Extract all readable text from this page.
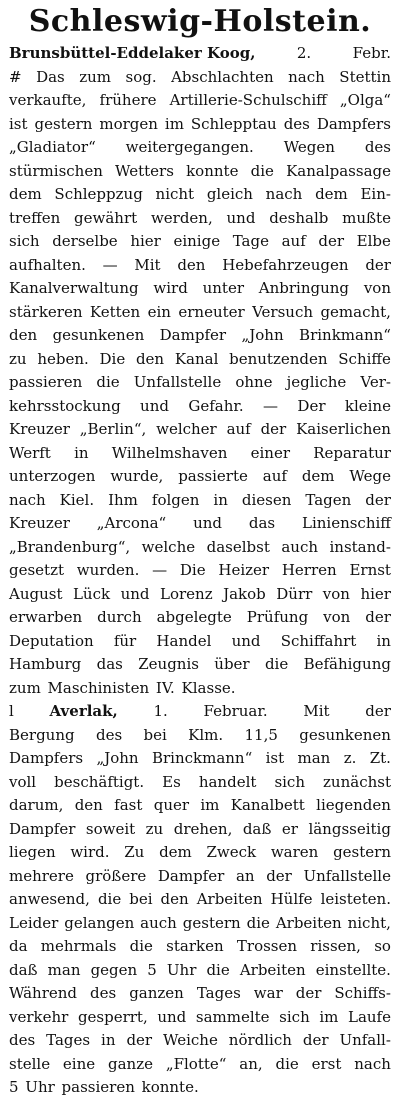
Schleswig-Holstein.
Brunsbüttel-Eddelaker Koog,	2.	Febr.
# Das zum sog. Abschlachten nach Stettin
verkaufte, frühere Artillerie-Schulschiff „Olga“
ist gestern morgen im Schlepptau des Dampfers
„Gladiator“ weitergegangen. Wegen des
stürmischen Wetters konnte die Kanalpassage
dem Schleppzug nicht gleich nach dem Ein-
treffen gewährt werden, und deshalb mußte
sich derselbe hier einige Tage auf der Elbe
aufhalten. — Mit den Hebefahrzeugen der
Kanalverwaltung wird unter Anbringung von
stärkeren Ketten ein erneuter Versuch gemacht,
den gesunkenen Dampfer „John Brinkmann“
zu heben. Die den Kanal benutzenden Schiffe
passieren die Unfallstelle ohne jegliche Ver-
kehrsstockung und Gefahr. — Der kleine
Kreuzer „Berlin“, welcher auf der Kaiserlichen
Werft in Wilhelmshaven einer Reparatur
unterzogen wurde, passierte auf dem Wege
nach Kiel. Ihm folgen in diesen Tagen der
Kreuzer „Arcona“ und das Linienschiff
„Brandenburg“, welche daselbst auch instand-
gesetzt wurden. — Die Heizer Herren Ernst
August Lück und Lorenz Jakob Dürr von hier
erwarben durch abgelegte Prüfung von der
Deputation für Handel und Schiffahrt in
Hamburg das Zeugnis über die Befähigung
zum Maschinisten IV. Klasse.
l Averlak, 1. Februar. Mit der
Bergung des bei Klm. 11,5 gesunkenen
Dampfers „John Brinckmann“ ist man z. Zt.
voll beschäftigt. Es handelt sich zunächst
darum, den fast quer im Kanalbett liegenden
Dampfer soweit zu drehen, daß er längsseitig
liegen wird. Zu dem Zweck waren gestern
mehrere größere Dampfer an der Unfallstelle
anwesend, die bei den Arbeiten Hülfe leisteten.
Leider gelangen auch gestern die Arbeiten nicht,
da mehrmals die starken Trossen rissen, so
daß man gegen 5 Uhr die Arbeiten einstellte.
Während des ganzen Tages war der Schiffs-
verkehr gesperrt, und sammelte sich im Laufe
des Tages in der Weiche nördlich der Unfall-
stelle eine ganze „Flotte“ an, die erst nach
5 Uhr passieren konnte.
